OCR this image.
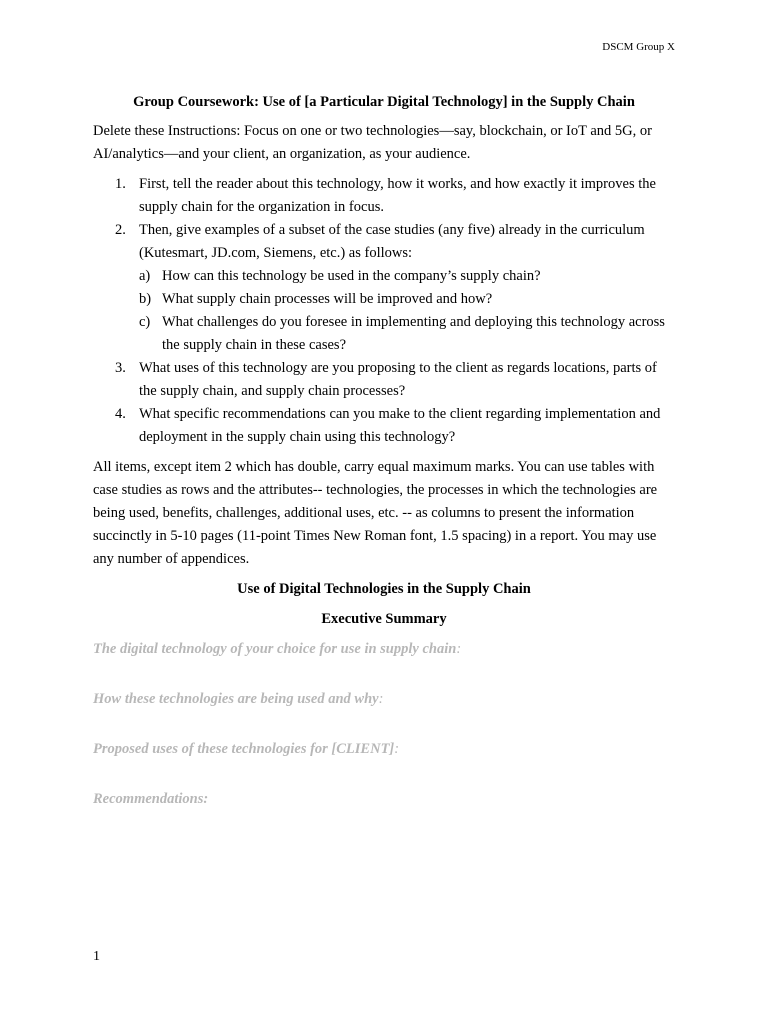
DSCM Group X
Group Coursework: Use of [a Particular Digital Technology] in the Supply Chain

Delete these Instructions: Focus on one or two technologies—say, blockchain, or IoT and 5G, or AI/analytics—and your client, an organization, as your audience.

1. First, tell the reader about this technology, how it works, and how exactly it improves the supply chain for the organization in focus.
2. Then, give examples of a subset of the case studies (any five) already in the curriculum (Kutesmart, JD.com, Siemens, etc.) as follows:
a) How can this technology be used in the company’s supply chain?
b) What supply chain processes will be improved and how?
c) What challenges do you foresee in implementing and deploying this technology across the supply chain in these cases?
3. What uses of this technology are you proposing to the client as regards locations, parts of the supply chain, and supply chain processes?
4. What specific recommendations can you make to the client regarding implementation and deployment in the supply chain using this technology?

All items, except item 2 which has double, carry equal maximum marks. You can use tables with case studies as rows and the attributes-- technologies, the processes in which the technologies are being used, benefits, challenges, additional uses, etc. -- as columns to present the information succinctly in 5-10 pages (11-point Times New Roman font, 1.5 spacing) in a report. You may use any number of appendices.

Use of Digital Technologies in the Supply Chain
Executive Summary
The digital technology of your choice for use in supply chain:
How these technologies are being used and why:
Proposed uses of these technologies for [CLIENT]:
Recommendations:
1
